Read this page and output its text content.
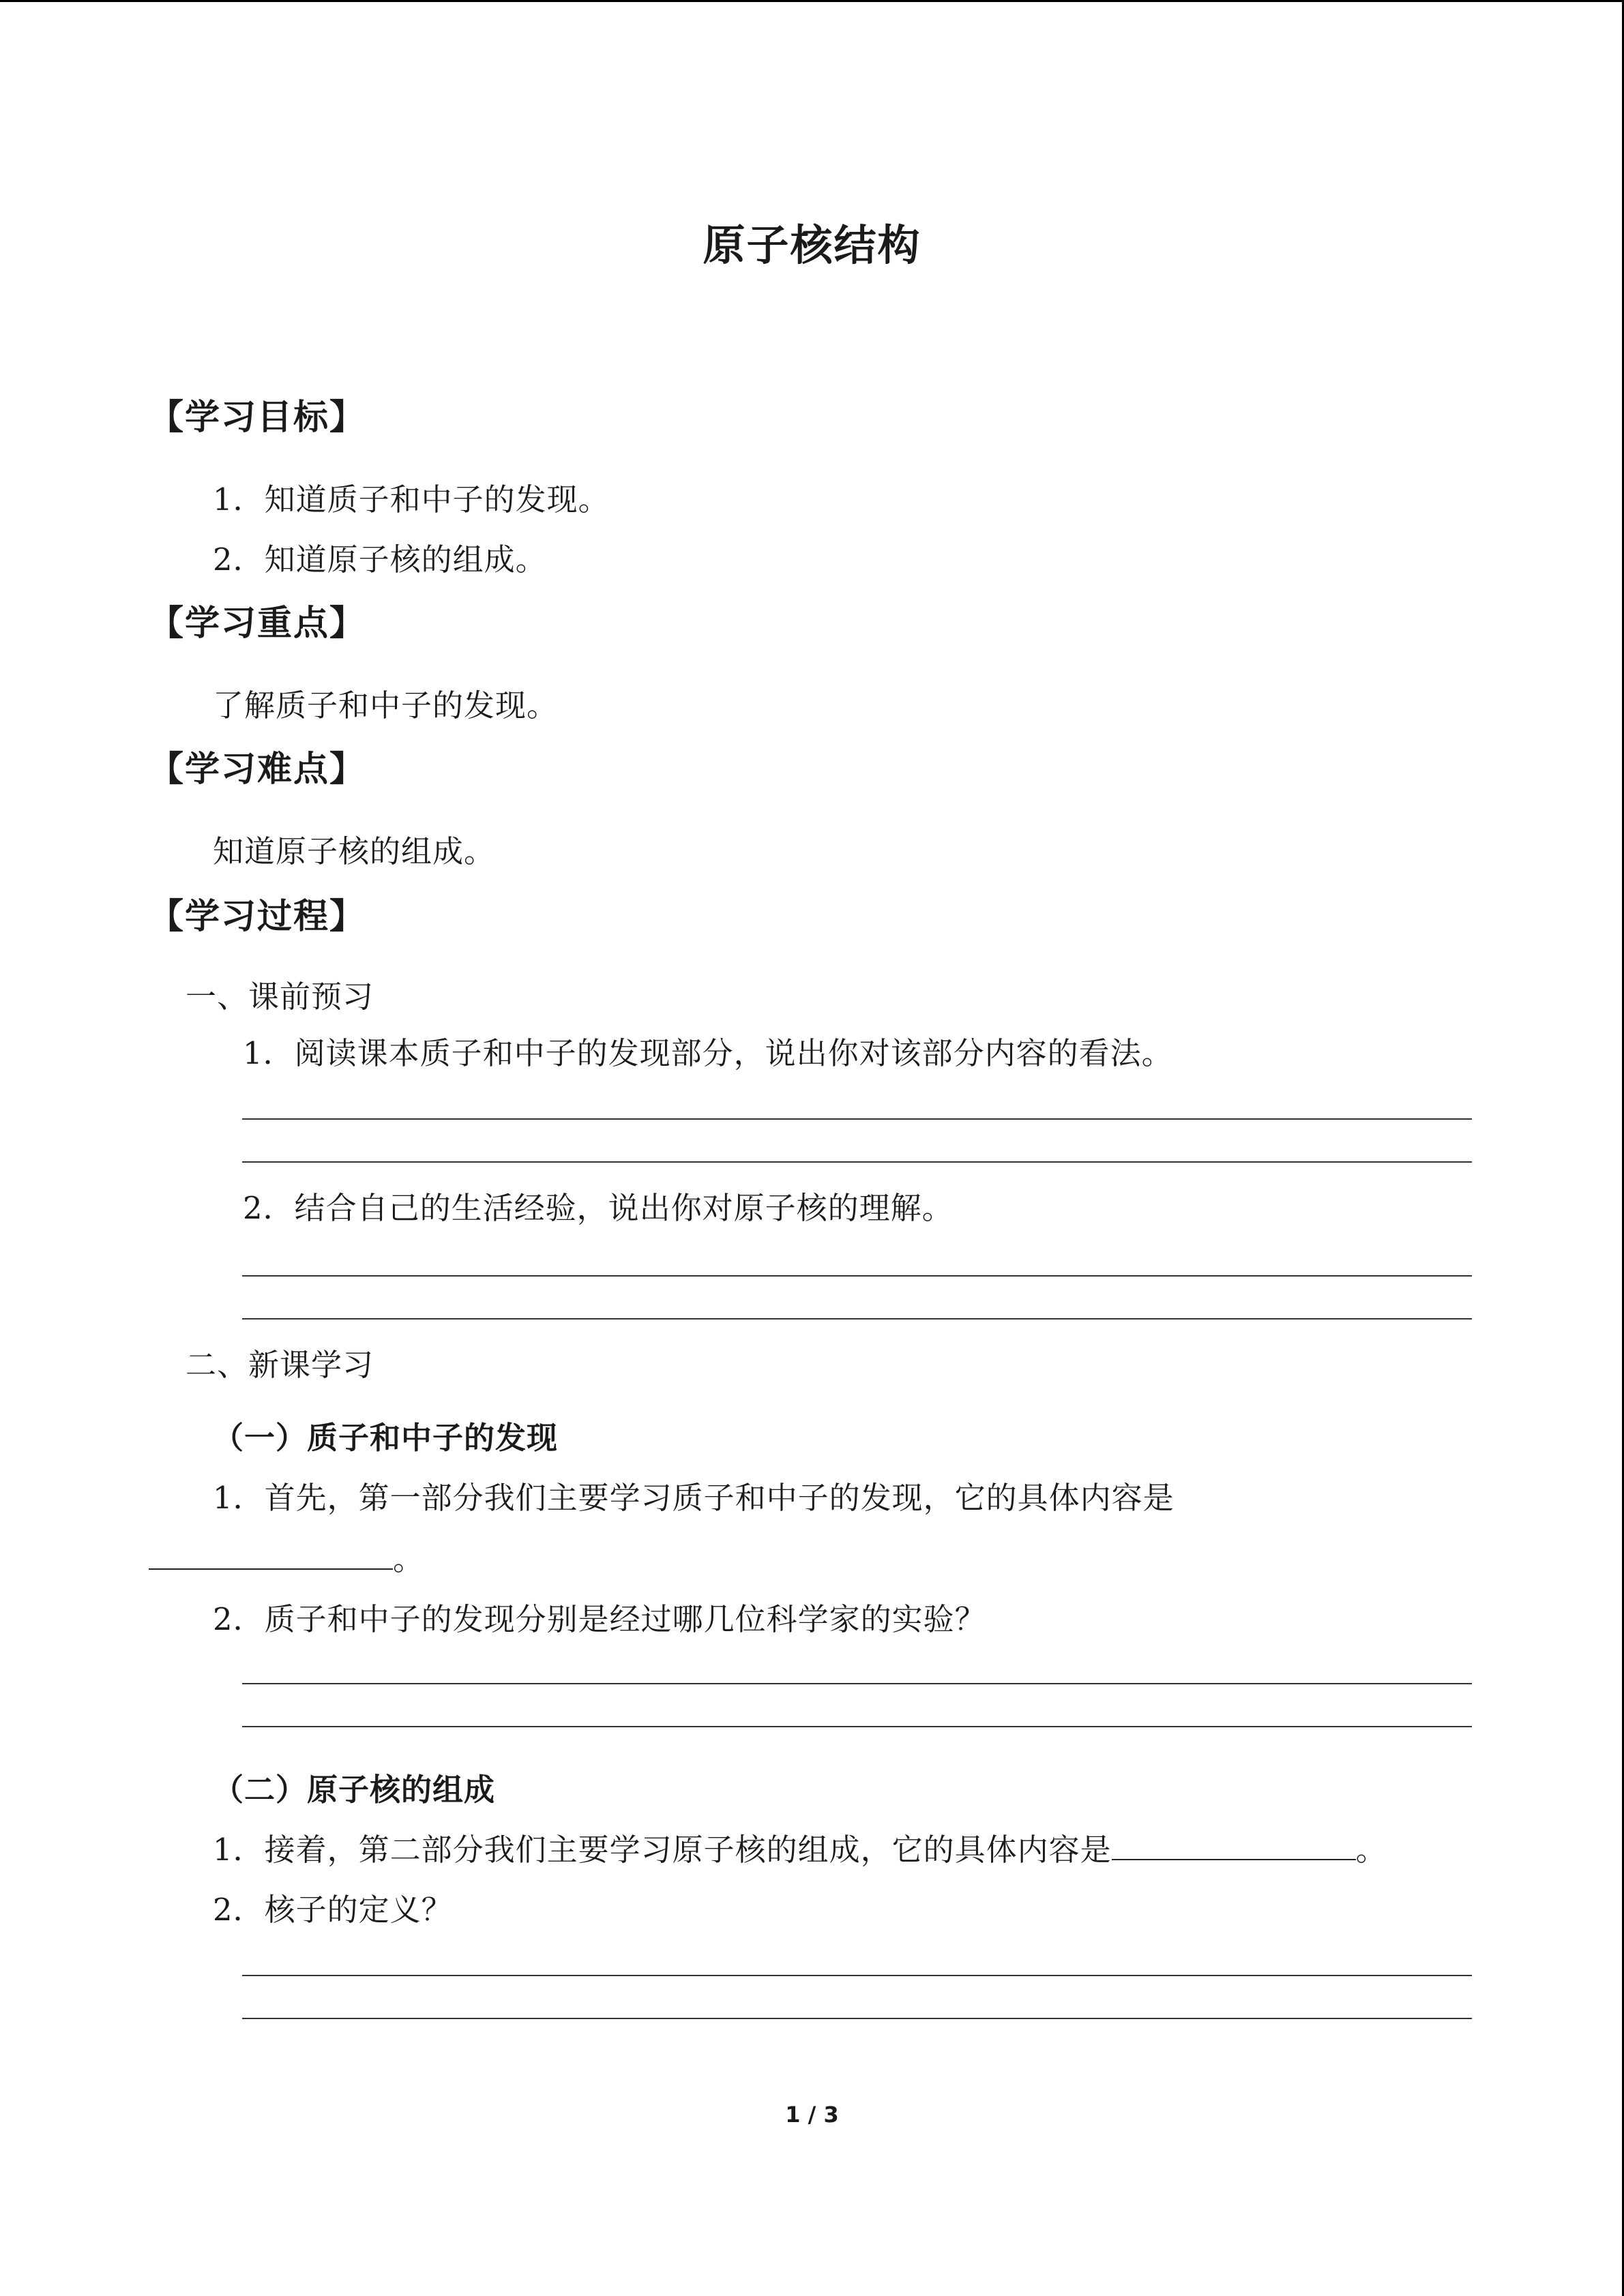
原子核结构
【学习目标】
1．知道质子和中子的发现。
2．知道原子核的组成。
【学习重点】
了解质子和中子的发现。
【学习难点】
知道原子核的组成。
【学习过程】
一、课前预习
1．阅读课本质子和中子的发现部分，说出你对该部分内容的看法。
2．结合自己的生活经验，说出你对原子核的理解。
二、新课学习
（一）质子和中子的发现
1．首先，第一部分我们主要学习质子和中子的发现，它的具体内容是
。
2．质子和中子的发现分别是经过哪几位科学家的实验？
（二）原子核的组成
1．接着，第二部分我们主要学习原子核的组成，它的具体内容是	。
2．核子的定义？
1 / 3
